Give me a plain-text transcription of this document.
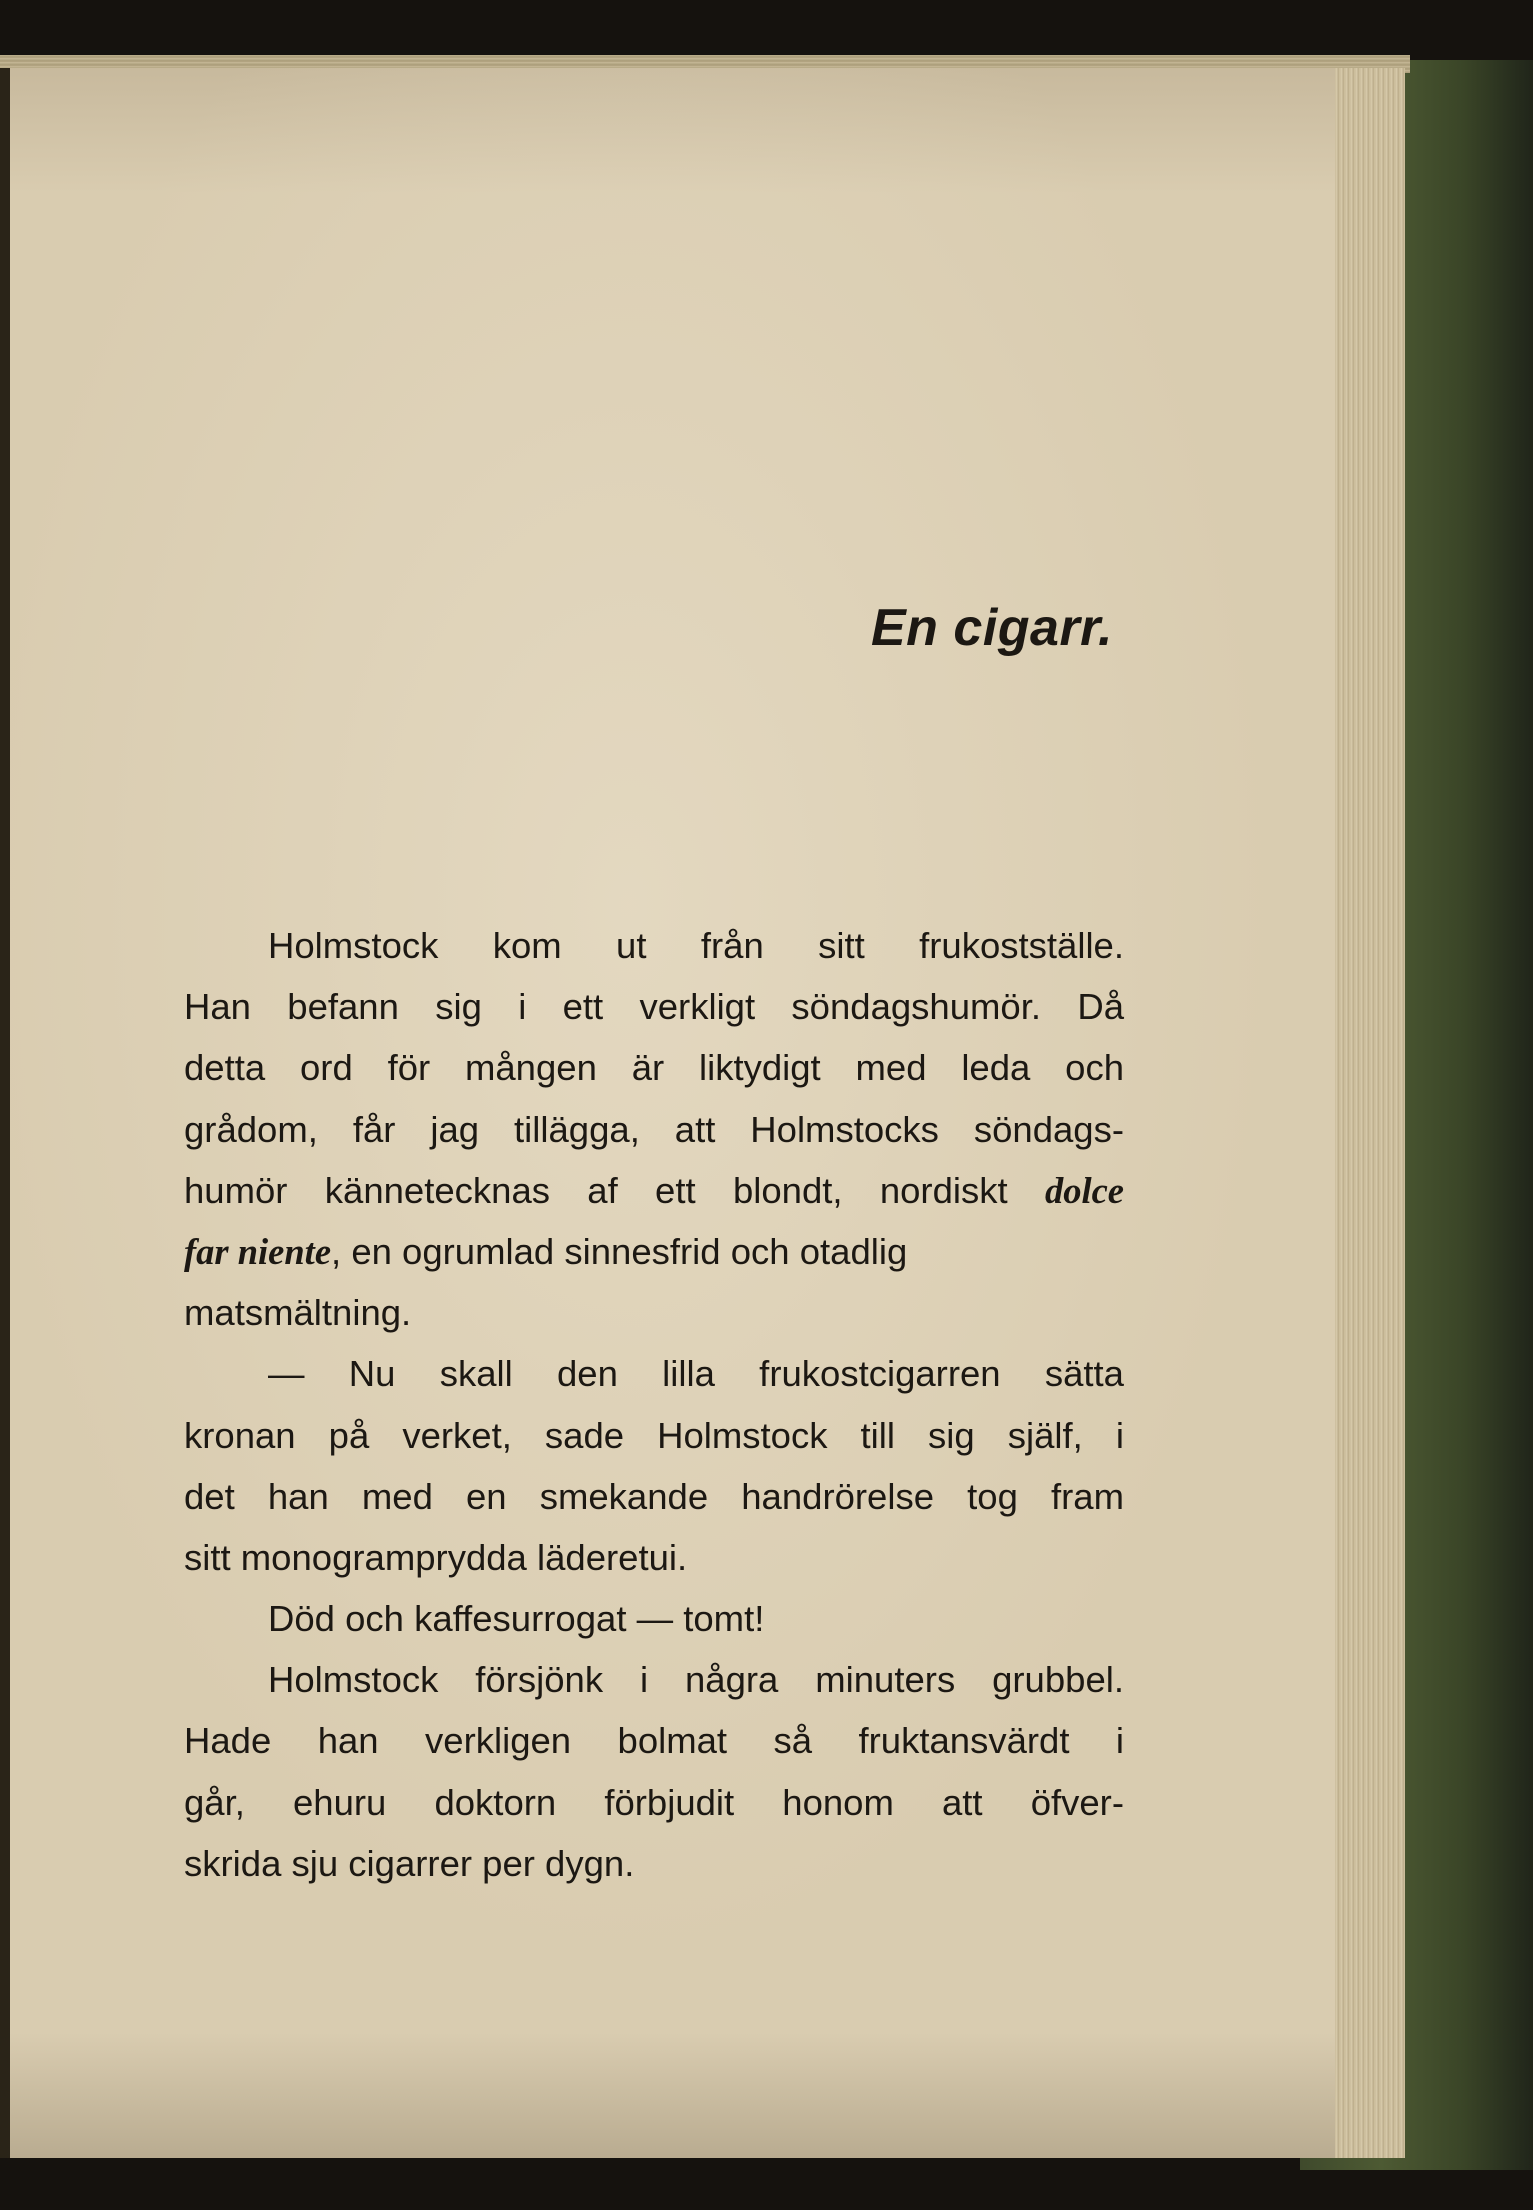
En cigarr.
Holmstock kom ut från sitt frukostställe.
Han befann sig i ett verkligt söndagshumör. Då
detta ord för mången är liktydigt med leda och
grådom, får jag tillägga, att Holmstocks söndags-
humör kännetecknas af ett blondt, nordiskt dolce
far niente, en ogrumlad sinnesfrid och otadlig
matsmältning.
— Nu skall den lilla frukostcigarren sätta
kronan på verket, sade Holmstock till sig själf, i
det han med en smekande handrörelse tog fram
sitt monogramprydda läderetui.
Död och kaffesurrogat — tomt!
Holmstock försjönk i några minuters grubbel.
Hade han verkligen bolmat så fruktansvärdt i
går, ehuru doktorn förbjudit honom att öfver-
skrida sju cigarrer per dygn.
